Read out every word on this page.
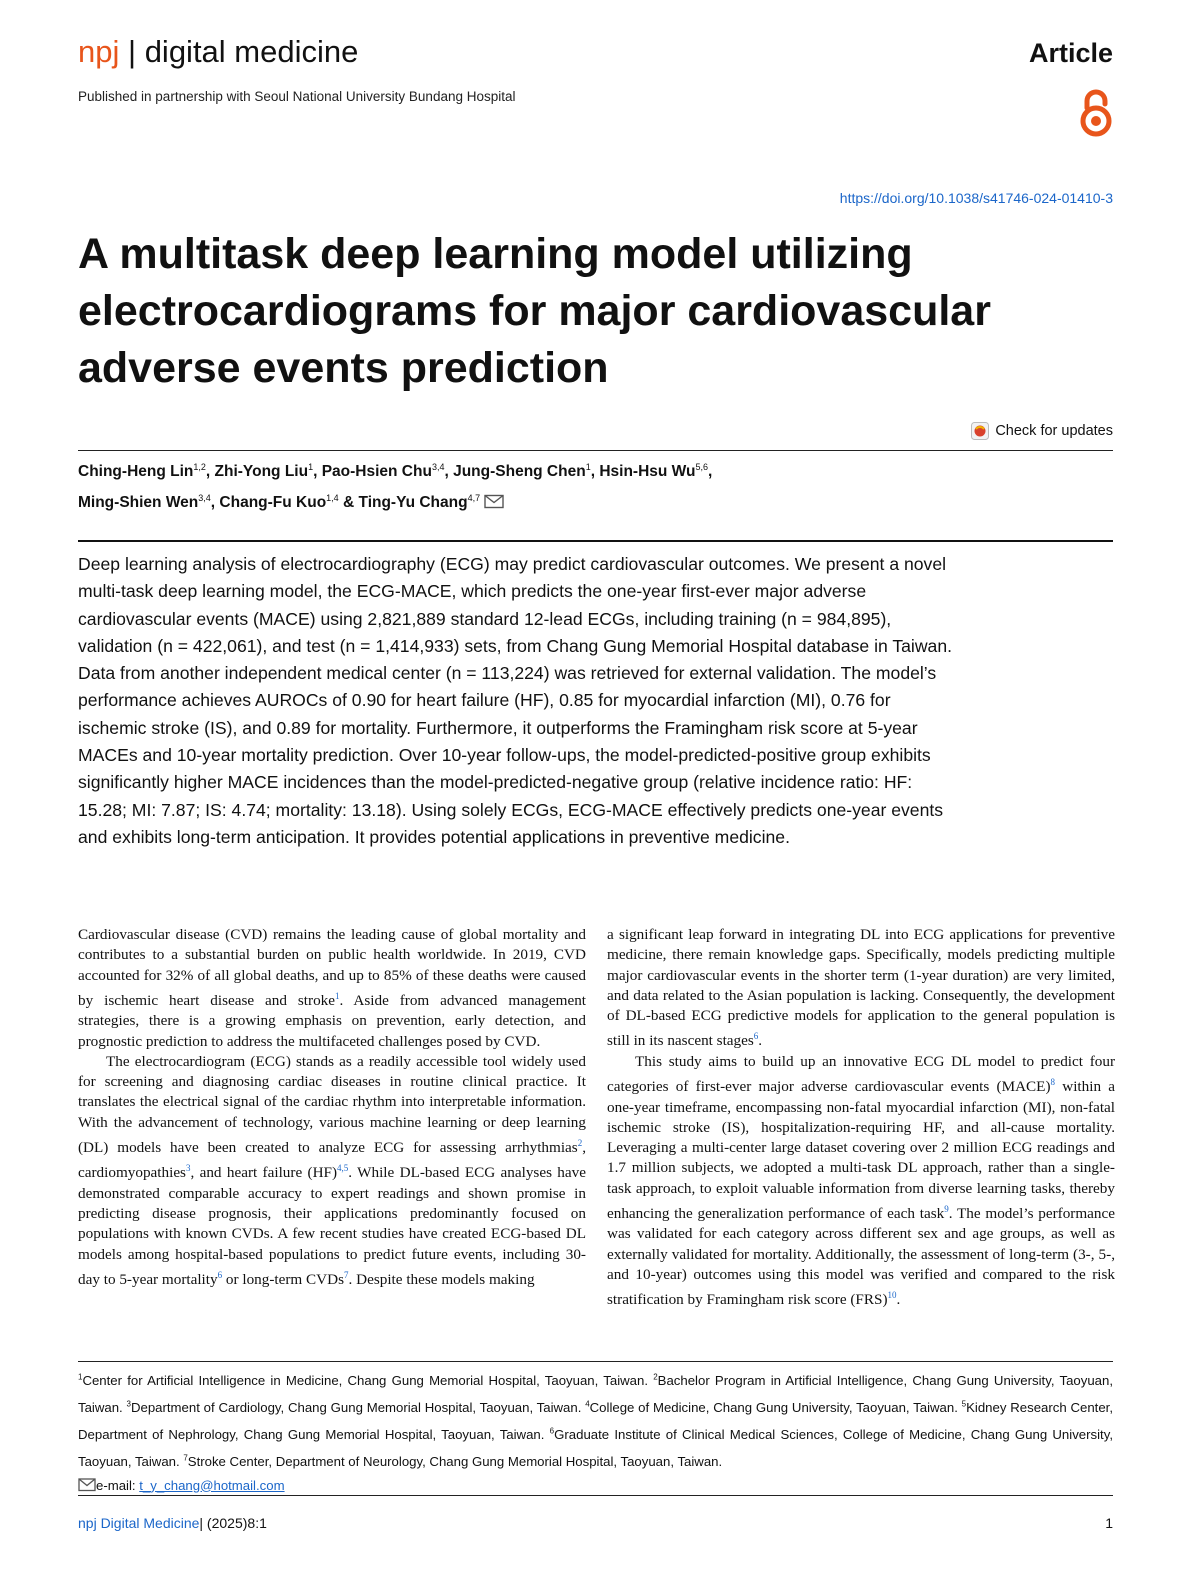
npj | digital medicine	Article
Published in partnership with Seoul National University Bundang Hospital
https://doi.org/10.1038/s41746-024-01410-3
A multitask deep learning model utilizing electrocardiograms for major cardiovascular adverse events prediction
Check for updates
Ching-Heng Lin$^{1,2}$, Zhi-Yong Liu$^1$, Pao-Hsien Chu$^{3,4}$, Jung-Sheng Chen$^1$, Hsin-Hsu Wu$^{5,6}$,
Ming-Shien Wen$^{3,4}$, Chang-Fu Kuo$^{1,4}$ & Ting-Yu Chang$^{4,7}$

Deep learning analysis of electrocardiography (ECG) may predict cardiovascular outcomes. We present a novel multi-task deep learning model, the ECG-MACE, which predicts the one-year first-ever major adverse cardiovascular events (MACE) using 2,821,889 standard 12-lead ECGs, including training (n = 984,895), validation (n = 422,061), and test (n = 1,414,933) sets, from Chang Gung Memorial Hospital database in Taiwan. Data from another independent medical center (n = 113,224) was retrieved for external validation. The model’s performance achieves AUROCs of 0.90 for heart failure (HF), 0.85 for myocardial infarction (MI), 0.76 for ischemic stroke (IS), and 0.89 for mortality. Furthermore, it outperforms the Framingham risk score at 5-year MACEs and 10-year mortality prediction. Over 10-year follow-ups, the model-predicted-positive group exhibits significantly higher MACE incidences than the model-predicted-negative group (relative incidence ratio: HF: 15.28; MI: 7.87; IS: 4.74; mortality: 13.18). Using solely ECGs, ECG-MACE effectively predicts one-year events and exhibits long-term anticipation. It provides potential applications in preventive medicine.

Cardiovascular disease (CVD) remains the leading cause of global mortality and contributes to a substantial burden on public health worldwide. In 2019, CVD accounted for 32% of all global deaths, and up to 85% of these deaths were caused by ischemic heart disease and stroke$^1$. Aside from advanced management strategies, there is a growing emphasis on prevention, early detection, and prognostic prediction to address the multifaceted challenges posed by CVD.

The electrocardiogram (ECG) stands as a readily accessible tool widely used for screening and diagnosing cardiac diseases in routine clinical practice. It translates the electrical signal of the cardiac rhythm into interpretable information. With the advancement of technology, various machine learning or deep learning (DL) models have been created to analyze ECG for assessing arrhythmias$^2$, cardiomyopathies$^3$, and heart failure (HF)$^{4,5}$. While DL-based ECG analyses have demonstrated comparable accuracy to expert readings and shown promise in predicting disease prognosis, their applications predominantly focused on populations with known CVDs. A few recent studies have created ECG-based DL models among hospital-based populations to predict future events, including 30-day to 5-year mortality$^6$ or long-term CVDs$^7$. Despite these models making

a significant leap forward in integrating DL into ECG applications for preventive medicine, there remain knowledge gaps. Specifically, models predicting multiple major cardiovascular events in the shorter term (1-year duration) are very limited, and data related to the Asian population is lacking. Consequently, the development of DL-based ECG predictive models for application to the general population is still in its nascent stages$^6$.

This study aims to build up an innovative ECG DL model to predict four categories of first-ever major adverse cardiovascular events (MACE)$^8$ within a one-year timeframe, encompassing non-fatal myocardial infarction (MI), non-fatal ischemic stroke (IS), hospitalization-requiring HF, and all-cause mortality. Leveraging a multi-center large dataset covering over 2 million ECG readings and 1.7 million subjects, we adopted a multi-task DL approach, rather than a single-task approach, to exploit valuable information from diverse learning tasks, thereby enhancing the generalization performance of each task$^9$. The model’s performance was validated for each category across different sex and age groups, as well as externally validated for mortality. Additionally, the assessment of long-term (3-, 5-, and 10-year) outcomes using this model was verified and compared to the risk stratification by Framingham risk score (FRS)$^{10}$.

$^1$Center for Artificial Intelligence in Medicine, Chang Gung Memorial Hospital, Taoyuan, Taiwan. $^2$Bachelor Program in Artificial Intelligence, Chang Gung University, Taoyuan, Taiwan. $^3$Department of Cardiology, Chang Gung Memorial Hospital, Taoyuan, Taiwan. $^4$College of Medicine, Chang Gung University, Taoyuan, Taiwan. $^5$Kidney Research Center, Department of Nephrology, Chang Gung Memorial Hospital, Taoyuan, Taiwan. $^6$Graduate Institute of Clinical Medical Sciences, College of Medicine, Chang Gung University, Taoyuan, Taiwan. $^7$Stroke Center, Department of Neurology, Chang Gung Memorial Hospital, Taoyuan, Taiwan.
e-mail: t_y_chang@hotmail.com
npj Digital Medicine| (2025)8:1	1
